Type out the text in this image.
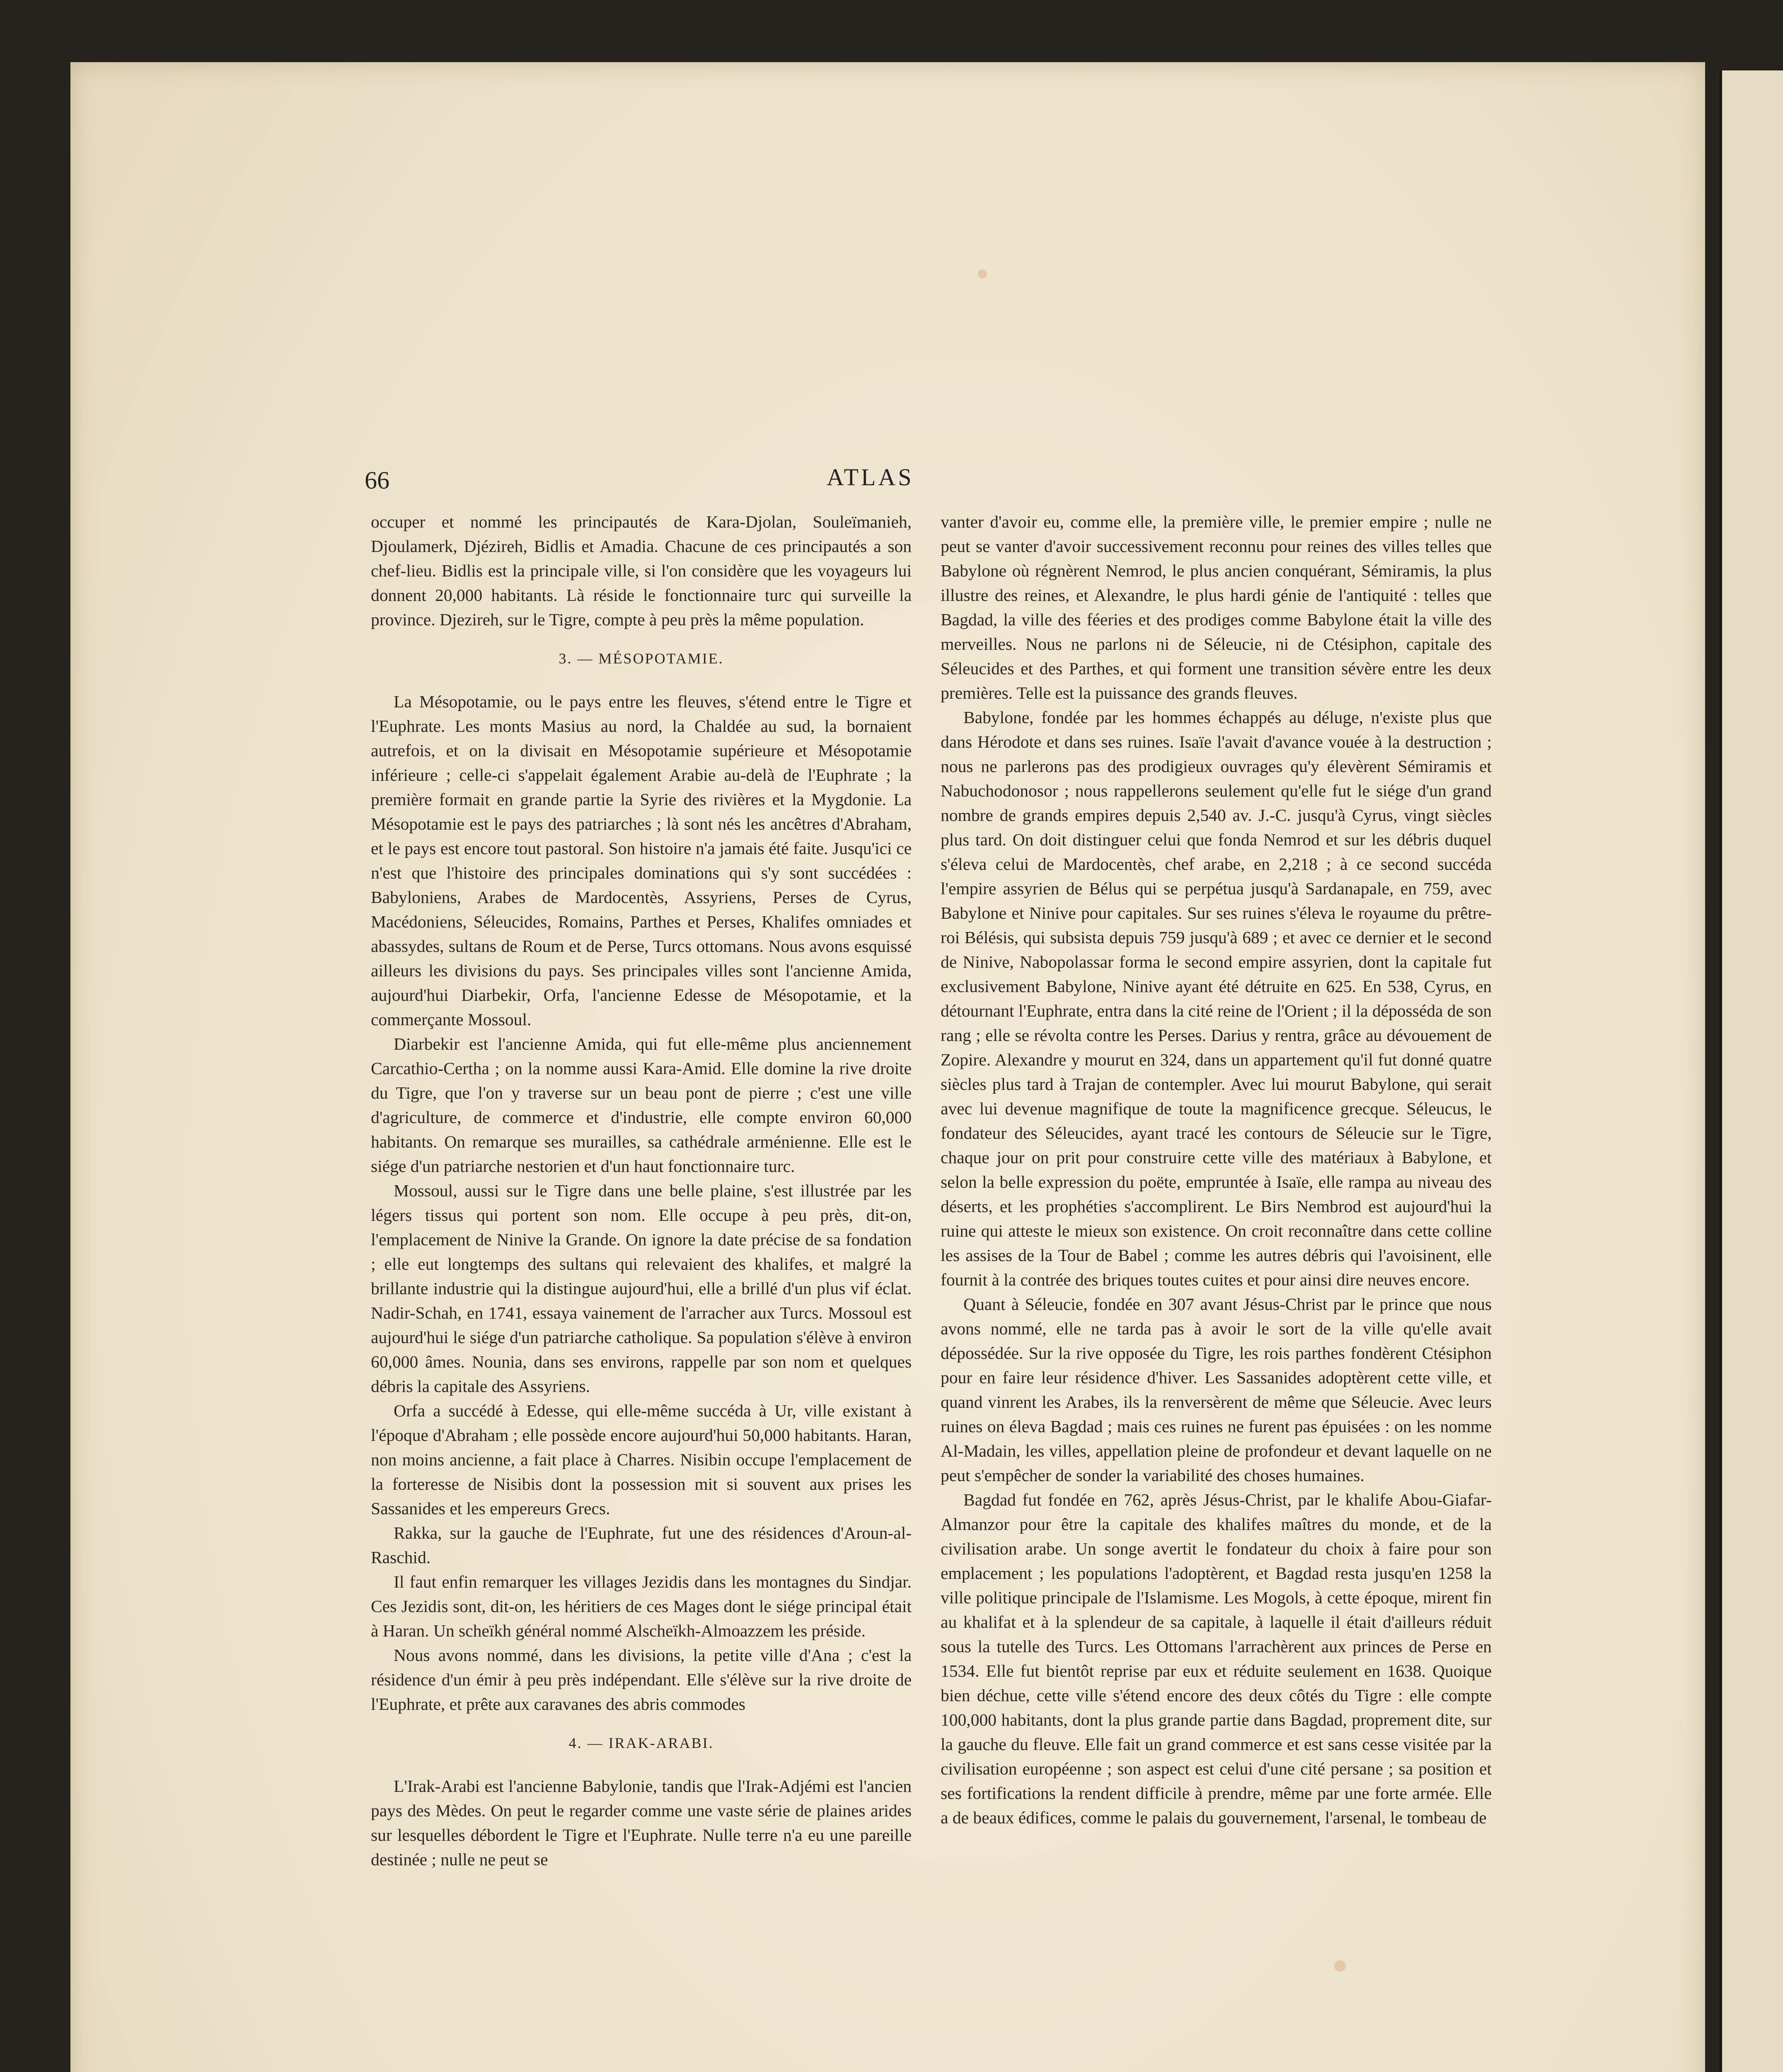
66	ATLAS

occuper et nommé les principautés de Kara-Djolan, Souleïmanieh, Djoulamerk, Djézireh, Bidlis et Amadia. Chacune de ces principautés a son chef-lieu. Bidlis est la principale ville, si l'on considère que les voyageurs lui donnent 20,000 habitants. Là réside le fonctionnaire turc qui surveille la province. Djezireh, sur le Tigre, compte à peu près la même population.

3. — MÉSOPOTAMIE.

La Mésopotamie, ou le pays entre les fleuves, s'étend entre le Tigre et l'Euphrate. Les monts Masius au nord, la Chaldée au sud, la bornaient autrefois, et on la divisait en Mésopotamie supérieure et Mésopotamie inférieure ; celle-ci s'appelait également Arabie au-delà de l'Euphrate ; la première formait en grande partie la Syrie des rivières et la Mygdonie. La Mésopotamie est le pays des patriarches ; là sont nés les ancêtres d'Abraham, et le pays est encore tout pastoral. Son histoire n'a jamais été faite. Jusqu'ici ce n'est que l'histoire des principales dominations qui s'y sont succédées : Babyloniens, Arabes de Mardocentès, Assyriens, Perses de Cyrus, Macédoniens, Séleucides, Romains, Parthes et Perses, Khalifes omniades et abassydes, sultans de Roum et de Perse, Turcs ottomans. Nous avons esquissé ailleurs les divisions du pays. Ses principales villes sont l'ancienne Amida, aujourd'hui Diarbekir, Orfa, l'ancienne Edesse de Mésopotamie, et la commerçante Mossoul.

Diarbekir est l'ancienne Amida, qui fut elle-même plus anciennement Carcathio-Certha ; on la nomme aussi Kara-Amid. Elle domine la rive droite du Tigre, que l'on y traverse sur un beau pont de pierre ; c'est une ville d'agriculture, de commerce et d'industrie, elle compte environ 60,000 habitants. On remarque ses murailles, sa cathédrale arménienne. Elle est le siége d'un patriarche nestorien et d'un haut fonctionnaire turc.

Mossoul, aussi sur le Tigre dans une belle plaine, s'est illustrée par les légers tissus qui portent son nom. Elle occupe à peu près, dit-on, l'emplacement de Ninive la Grande. On ignore la date précise de sa fondation ; elle eut longtemps des sultans qui relevaient des khalifes, et malgré la brillante industrie qui la distingue aujourd'hui, elle a brillé d'un plus vif éclat. Nadir-Schah, en 1741, essaya vainement de l'arracher aux Turcs. Mossoul est aujourd'hui le siége d'un patriarche catholique. Sa population s'élève à environ 60,000 âmes. Nounia, dans ses environs, rappelle par son nom et quelques débris la capitale des Assyriens.

Orfa a succédé à Edesse, qui elle-même succéda à Ur, ville existant à l'époque d'Abraham ; elle possède encore aujourd'hui 50,000 habitants. Haran, non moins ancienne, a fait place à Charres. Nisibin occupe l'emplacement de la forteresse de Nisibis dont la possession mit si souvent aux prises les Sassanides et les empereurs Grecs.

Rakka, sur la gauche de l'Euphrate, fut une des résidences d'Aroun-al-Raschid.

Il faut enfin remarquer les villages Jezidis dans les montagnes du Sindjar. Ces Jezidis sont, dit-on, les héritiers de ces Mages dont le siége principal était à Haran. Un scheïkh général nommé Alscheïkh-Almoazzem les préside.

Nous avons nommé, dans les divisions, la petite ville d'Ana ; c'est la résidence d'un émir à peu près indépendant. Elle s'élève sur la rive droite de l'Euphrate, et prête aux caravanes des abris commodes

4. — IRAK-ARABI.

L'Irak-Arabi est l'ancienne Babylonie, tandis que l'Irak-Adjémi est l'ancien pays des Mèdes. On peut le regarder comme une vaste série de plaines arides sur lesquelles débordent le Tigre et l'Euphrate. Nulle terre n'a eu une pareille destinée ; nulle ne peut se

vanter d'avoir eu, comme elle, la première ville, le premier empire ; nulle ne peut se vanter d'avoir successivement reconnu pour reines des villes telles que Babylone où régnèrent Nemrod, le plus ancien conquérant, Sémiramis, la plus illustre des reines, et Alexandre, le plus hardi génie de l'antiquité : telles que Bagdad, la ville des féeries et des prodiges comme Babylone était la ville des merveilles. Nous ne parlons ni de Séleucie, ni de Ctésiphon, capitale des Séleucides et des Parthes, et qui forment une transition sévère entre les deux premières. Telle est la puissance des grands fleuves.

Babylone, fondée par les hommes échappés au déluge, n'existe plus que dans Hérodote et dans ses ruines. Isaïe l'avait d'avance vouée à la destruction ; nous ne parlerons pas des prodigieux ouvrages qu'y élevèrent Sémiramis et Nabuchodonosor ; nous rappellerons seulement qu'elle fut le siége d'un grand nombre de grands empires depuis 2,540 av. J.-C. jusqu'à Cyrus, vingt siècles plus tard. On doit distinguer celui que fonda Nemrod et sur les débris duquel s'éleva celui de Mardocentès, chef arabe, en 2,218 ; à ce second succéda l'empire assyrien de Bélus qui se perpétua jusqu'à Sardanapale, en 759, avec Babylone et Ninive pour capitales. Sur ses ruines s'éleva le royaume du prêtre-roi Bélésis, qui subsista depuis 759 jusqu'à 689 ; et avec ce dernier et le second de Ninive, Nabopolassar forma le second empire assyrien, dont la capitale fut exclusivement Babylone, Ninive ayant été détruite en 625. En 538, Cyrus, en détournant l'Euphrate, entra dans la cité reine de l'Orient ; il la déposséda de son rang ; elle se révolta contre les Perses. Darius y rentra, grâce au dévouement de Zopire. Alexandre y mourut en 324, dans un appartement qu'il fut donné quatre siècles plus tard à Trajan de contempler. Avec lui mourut Babylone, qui serait avec lui devenue magnifique de toute la magnificence grecque. Séleucus, le fondateur des Séleucides, ayant tracé les contours de Séleucie sur le Tigre, chaque jour on prit pour construire cette ville des matériaux à Babylone, et selon la belle expression du poëte, empruntée à Isaïe, elle rampa au niveau des déserts, et les prophéties s'accomplirent. Le Birs Nembrod est aujourd'hui la ruine qui atteste le mieux son existence. On croit reconnaître dans cette colline les assises de la Tour de Babel ; comme les autres débris qui l'avoisinent, elle fournit à la contrée des briques toutes cuites et pour ainsi dire neuves encore.

Quant à Séleucie, fondée en 307 avant Jésus-Christ par le prince que nous avons nommé, elle ne tarda pas à avoir le sort de la ville qu'elle avait dépossédée. Sur la rive opposée du Tigre, les rois parthes fondèrent Ctésiphon pour en faire leur résidence d'hiver. Les Sassanides adoptèrent cette ville, et quand vinrent les Arabes, ils la renversèrent de même que Séleucie. Avec leurs ruines on éleva Bagdad ; mais ces ruines ne furent pas épuisées : on les nomme Al-Madain, les villes, appellation pleine de profondeur et devant laquelle on ne peut s'empêcher de sonder la variabilité des choses humaines.

Bagdad fut fondée en 762, après Jésus-Christ, par le khalife Abou-Giafar-Almanzor pour être la capitale des khalifes maîtres du monde, et de la civilisation arabe. Un songe avertit le fondateur du choix à faire pour son emplacement ; les populations l'adoptèrent, et Bagdad resta jusqu'en 1258 la ville politique principale de l'Islamisme. Les Mogols, à cette époque, mirent fin au khalifat et à la splendeur de sa capitale, à laquelle il était d'ailleurs réduit sous la tutelle des Turcs. Les Ottomans l'arrachèrent aux princes de Perse en 1534. Elle fut bientôt reprise par eux et réduite seulement en 1638. Quoique bien déchue, cette ville s'étend encore des deux côtés du Tigre : elle compte 100,000 habitants, dont la plus grande partie dans Bagdad, proprement dite, sur la gauche du fleuve. Elle fait un grand commerce et est sans cesse visitée par la civilisation européenne ; son aspect est celui d'une cité persane ; sa position et ses fortifications la rendent difficile à prendre, même par une forte armée. Elle a de beaux édifices, comme le palais du gouvernement, l'arsenal, le tombeau de
